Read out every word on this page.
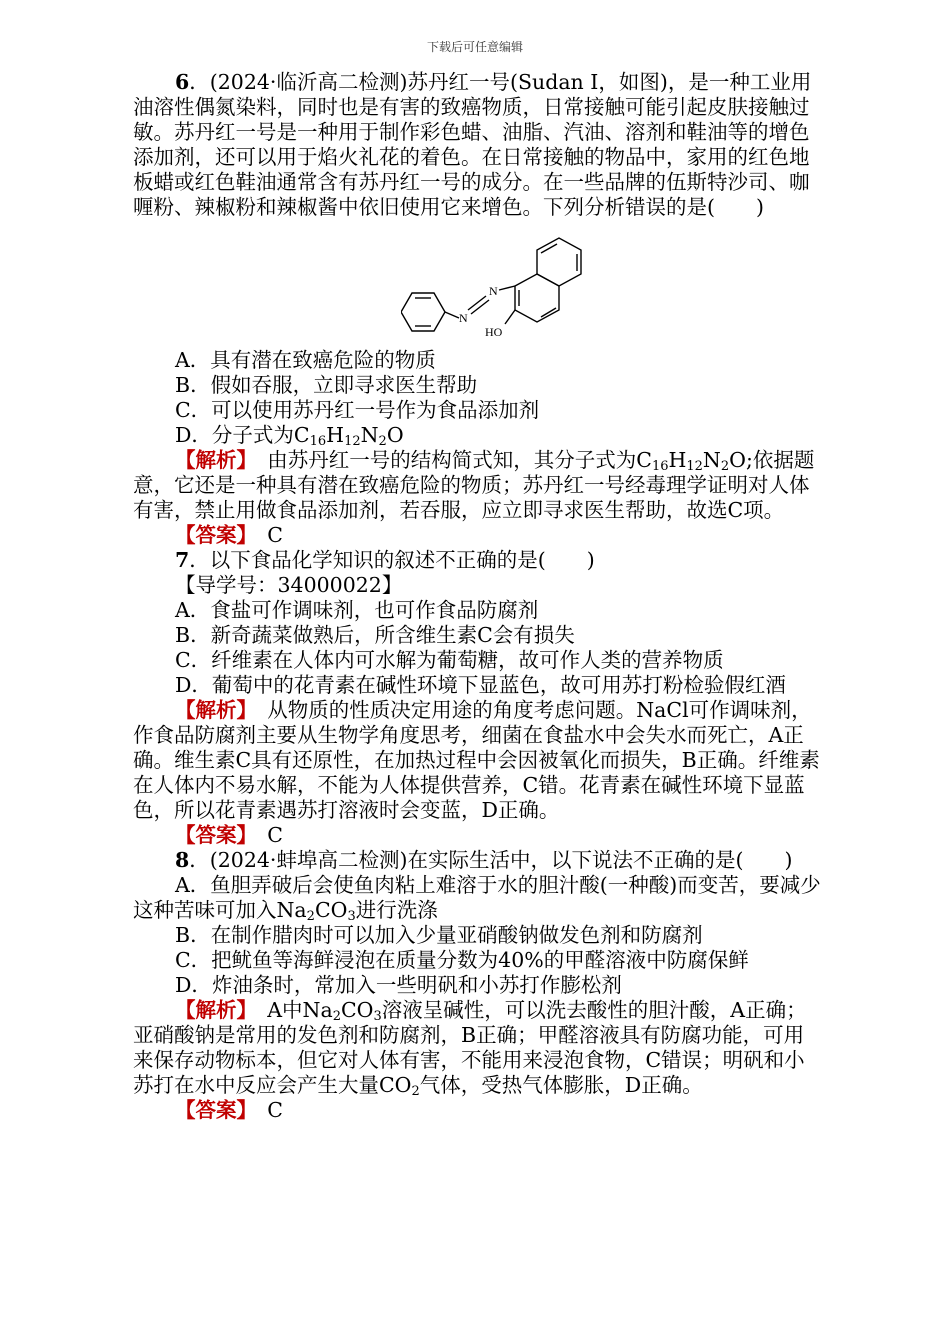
下载后可任意编辑

6．(2024·临沂高二检测)苏丹红一号(Sudan Ⅰ，如图)，是一种工业用油溶性偶氮染料，同时也是有害的致癌物质，日常接触可能引起皮肤接触过敏。苏丹红一号是一种用于制作彩色蜡、油脂、汽油、溶剂和鞋油等的增色添加剂，还可以用于焰火礼花的着色。在日常接触的物品中，家用的红色地板蜡或红色鞋油通常含有苏丹红一号的成分。在一些品牌的伍斯特沙司、咖喱粉、辣椒粉和辣椒酱中依旧使用它来增色。下列分析错误的是(　　)

N
N
HO

A．具有潜在致癌危险的物质

B．假如吞服，立即寻求医生帮助

C．可以使用苏丹红一号作为食品添加剂

D．分子式为$C_{16}H_{12}N_2O$

【解析】　 由苏丹红一号的结构简式知，其分子式为$C_{16}H_{12}N_2O$;依据题意，它还是一种具有潜在致癌危险的物质；苏丹红一号经毒理学证明对人体有害，禁止用做食品添加剂，若吞服，应立即寻求医生帮助，故选C项。

【答案】　 C

7．以下食品化学知识的叙述不正确的是(　　)

【导学号：34000022】

A．食盐可作调味剂，也可作食品防腐剂

B．新奇蔬菜做熟后，所含维生素C会有损失

C．纤维素在人体内可水解为葡萄糖，故可作人类的营养物质

D．葡萄中的花青素在碱性环境下显蓝色，故可用苏打粉检验假红酒

【解析】　 从物质的性质决定用途的角度考虑问题。NaCl可作调味剂，作食品防腐剂主要从生物学角度思考，细菌在食盐水中会失水而死亡，A正确。维生素C具有还原性，在加热过程中会因被氧化而损失，B正确。纤维素在人体内不易水解，不能为人体提供营养，C错。花青素在碱性环境下显蓝色，所以花青素遇苏打溶液时会变蓝，D正确。

【答案】　 C

8．(2024·蚌埠高二检测)在实际生活中，以下说法不正确的是(　　)

A．鱼胆弄破后会使鱼肉粘上难溶于水的胆汁酸(一种酸)而变苦，要减少这种苦味可加入$Na_2CO_3$进行洗涤

B．在制作腊肉时可以加入少量亚硝酸钠做发色剂和防腐剂

C．把鱿鱼等海鲜浸泡在质量分数为40%的甲醛溶液中防腐保鲜

D．炸油条时，常加入一些明矾和小苏打作膨松剂

【解析】　 A中$Na_2CO_3$溶液呈碱性，可以洗去酸性的胆汁酸，A正确；亚硝酸钠是常用的发色剂和防腐剂，B正确；甲醛溶液具有防腐功能，可用来保存动物标本，但它对人体有害，不能用来浸泡食物，C错误；明矾和小苏打在水中反应会产生大量$CO_2$气体，受热气体膨胀，D正确。

【答案】　 C
